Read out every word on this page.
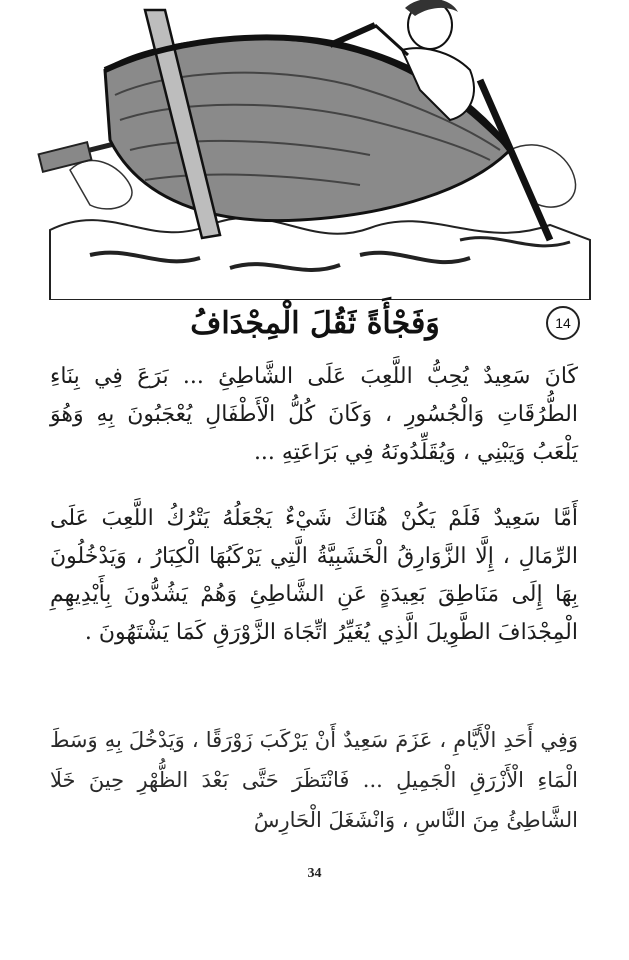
وَفَجْأَةً ثَقُلَ الْمِجْدَافُ	14
كَانَ سَعِيدٌ يُحِبُّ اللَّعِبَ عَلَى الشَّاطِئِ ... بَرَعَ فِي بِنَاءِ الطُّرُقَاتِ وَالْجُسُورِ ، وَكَانَ كُلُّ الْأَطْفَالِ يُعْجَبُونَ بِهِ وَهُوَ يَلْعَبُ وَيَبْنِي ، وَيُقَلِّدُونَهُ فِي بَرَاعَتِهِ ...
أَمَّا سَعِيدٌ فَلَمْ يَكُنْ هُنَاكَ شَيْءٌ يَجْعَلُهُ يَتْرُكُ اللَّعِبَ عَلَى الرِّمَالِ ، إِلَّا الزَّوَارِقُ الْخَشَبِيَّةُ الَّتِي يَرْكَبُهَا الْكِبَارُ ، وَيَدْخُلُونَ بِهَا إِلَى مَنَاطِقَ بَعِيدَةٍ عَنِ الشَّاطِئِ وَهُمْ يَشُدُّونَ بِأَيْدِيهِمِ الْمِجْدَافَ الطَّوِيلَ الَّذِي يُغَيِّرُ اتِّجَاهَ الزَّوْرَقِ كَمَا يَشْتَهُونَ .
وَفِي أَحَدِ الْأَيَّامِ ، عَزَمَ سَعِيدٌ أَنْ يَرْكَبَ زَوْرَقًا ، وَيَدْخُلَ بِهِ وَسَطَ الْمَاءِ الْأَزْرَقِ الْجَمِيلِ ... فَانْتَظَرَ حَتَّى بَعْدَ الظُّهْرِ حِينَ خَلَا الشَّاطِئُ مِنَ النَّاسِ ، وَانْشَغَلَ الْحَارِسُ
34
